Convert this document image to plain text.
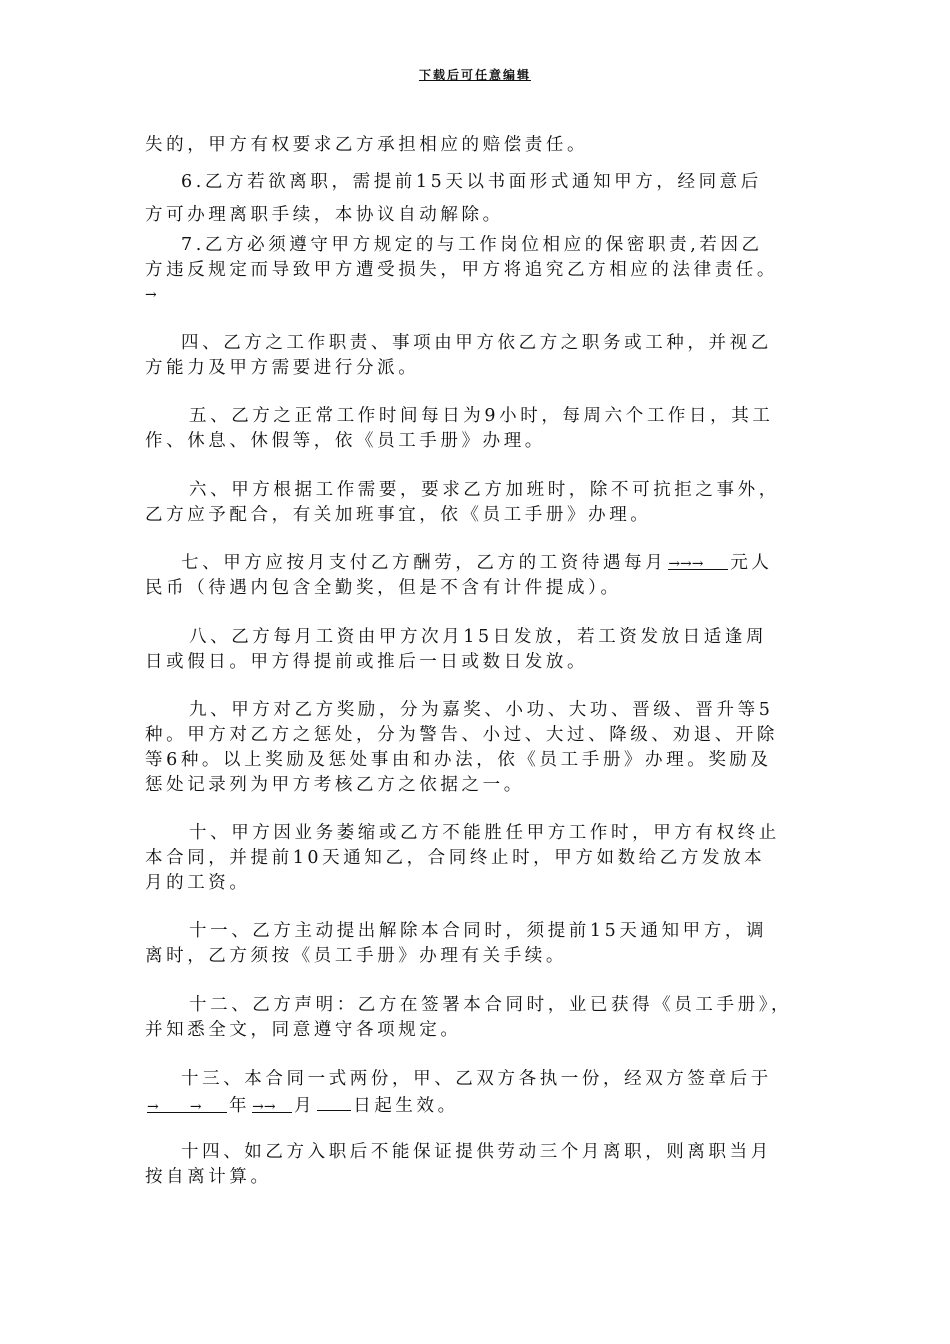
下载后可任意编辑
失的，甲方有权要求乙方承担相应的赔偿责任。
6.乙方若欲离职，需提前15天以书面形式通知甲方，经同意后
方可办理离职手续，本协议自动解除。
7.乙方必须遵守甲方规定的与工作岗位相应的保密职责,若因乙
方违反规定而导致甲方遭受损失，甲方将追究乙方相应的法律责任。
→
四、乙方之工作职责、事项由甲方依乙方之职务或工种，并视乙
方能力及甲方需要进行分派。
五、乙方之正常工作时间每日为9小时，每周六个工作日，其工
作、休息、休假等，依《员工手册》办理。
六、甲方根据工作需要，要求乙方加班时，除不可抗拒之事外，
乙方应予配合，有关加班事宜，依《员工手册》办理。
七、甲方应按月支付乙方酬劳，乙方的工资待遇每月 →→→ 元人
民币（待遇内包含全勤奖，但是不含有计件提成）。
八、乙方每月工资由甲方次月15日发放，若工资发放日适逢周
日或假日。甲方得提前或推后一日或数日发放。
九、甲方对乙方奖励，分为嘉奖、小功、大功、晋级、晋升等5
种。甲方对乙方之惩处，分为警告、小过、大过、降级、劝退、开除
等6种。以上奖励及惩处事由和办法，依《员工手册》办理。奖励及
惩处记录列为甲方考核乙方之依据之一。
十、甲方因业务萎缩或乙方不能胜任甲方工作时，甲方有权终止
本合同，并提前10天通知乙，合同终止时，甲方如数给乙方发放本
月的工资。
十一、乙方主动提出解除本合同时，须提前15天通知甲方，调
离时，乙方须按《员工手册》办理有关手续。
十二、乙方声明：乙方在签署本合同时，业已获得《员工手册》，
并知悉全文，同意遵守各项规定。
十三、本合同一式两份，甲、乙双方各执一份，经双方签章后于
→       → 年 →→ 月 日起生效。
十四、如乙方入职后不能保证提供劳动三个月离职，则离职当月
按自离计算。
